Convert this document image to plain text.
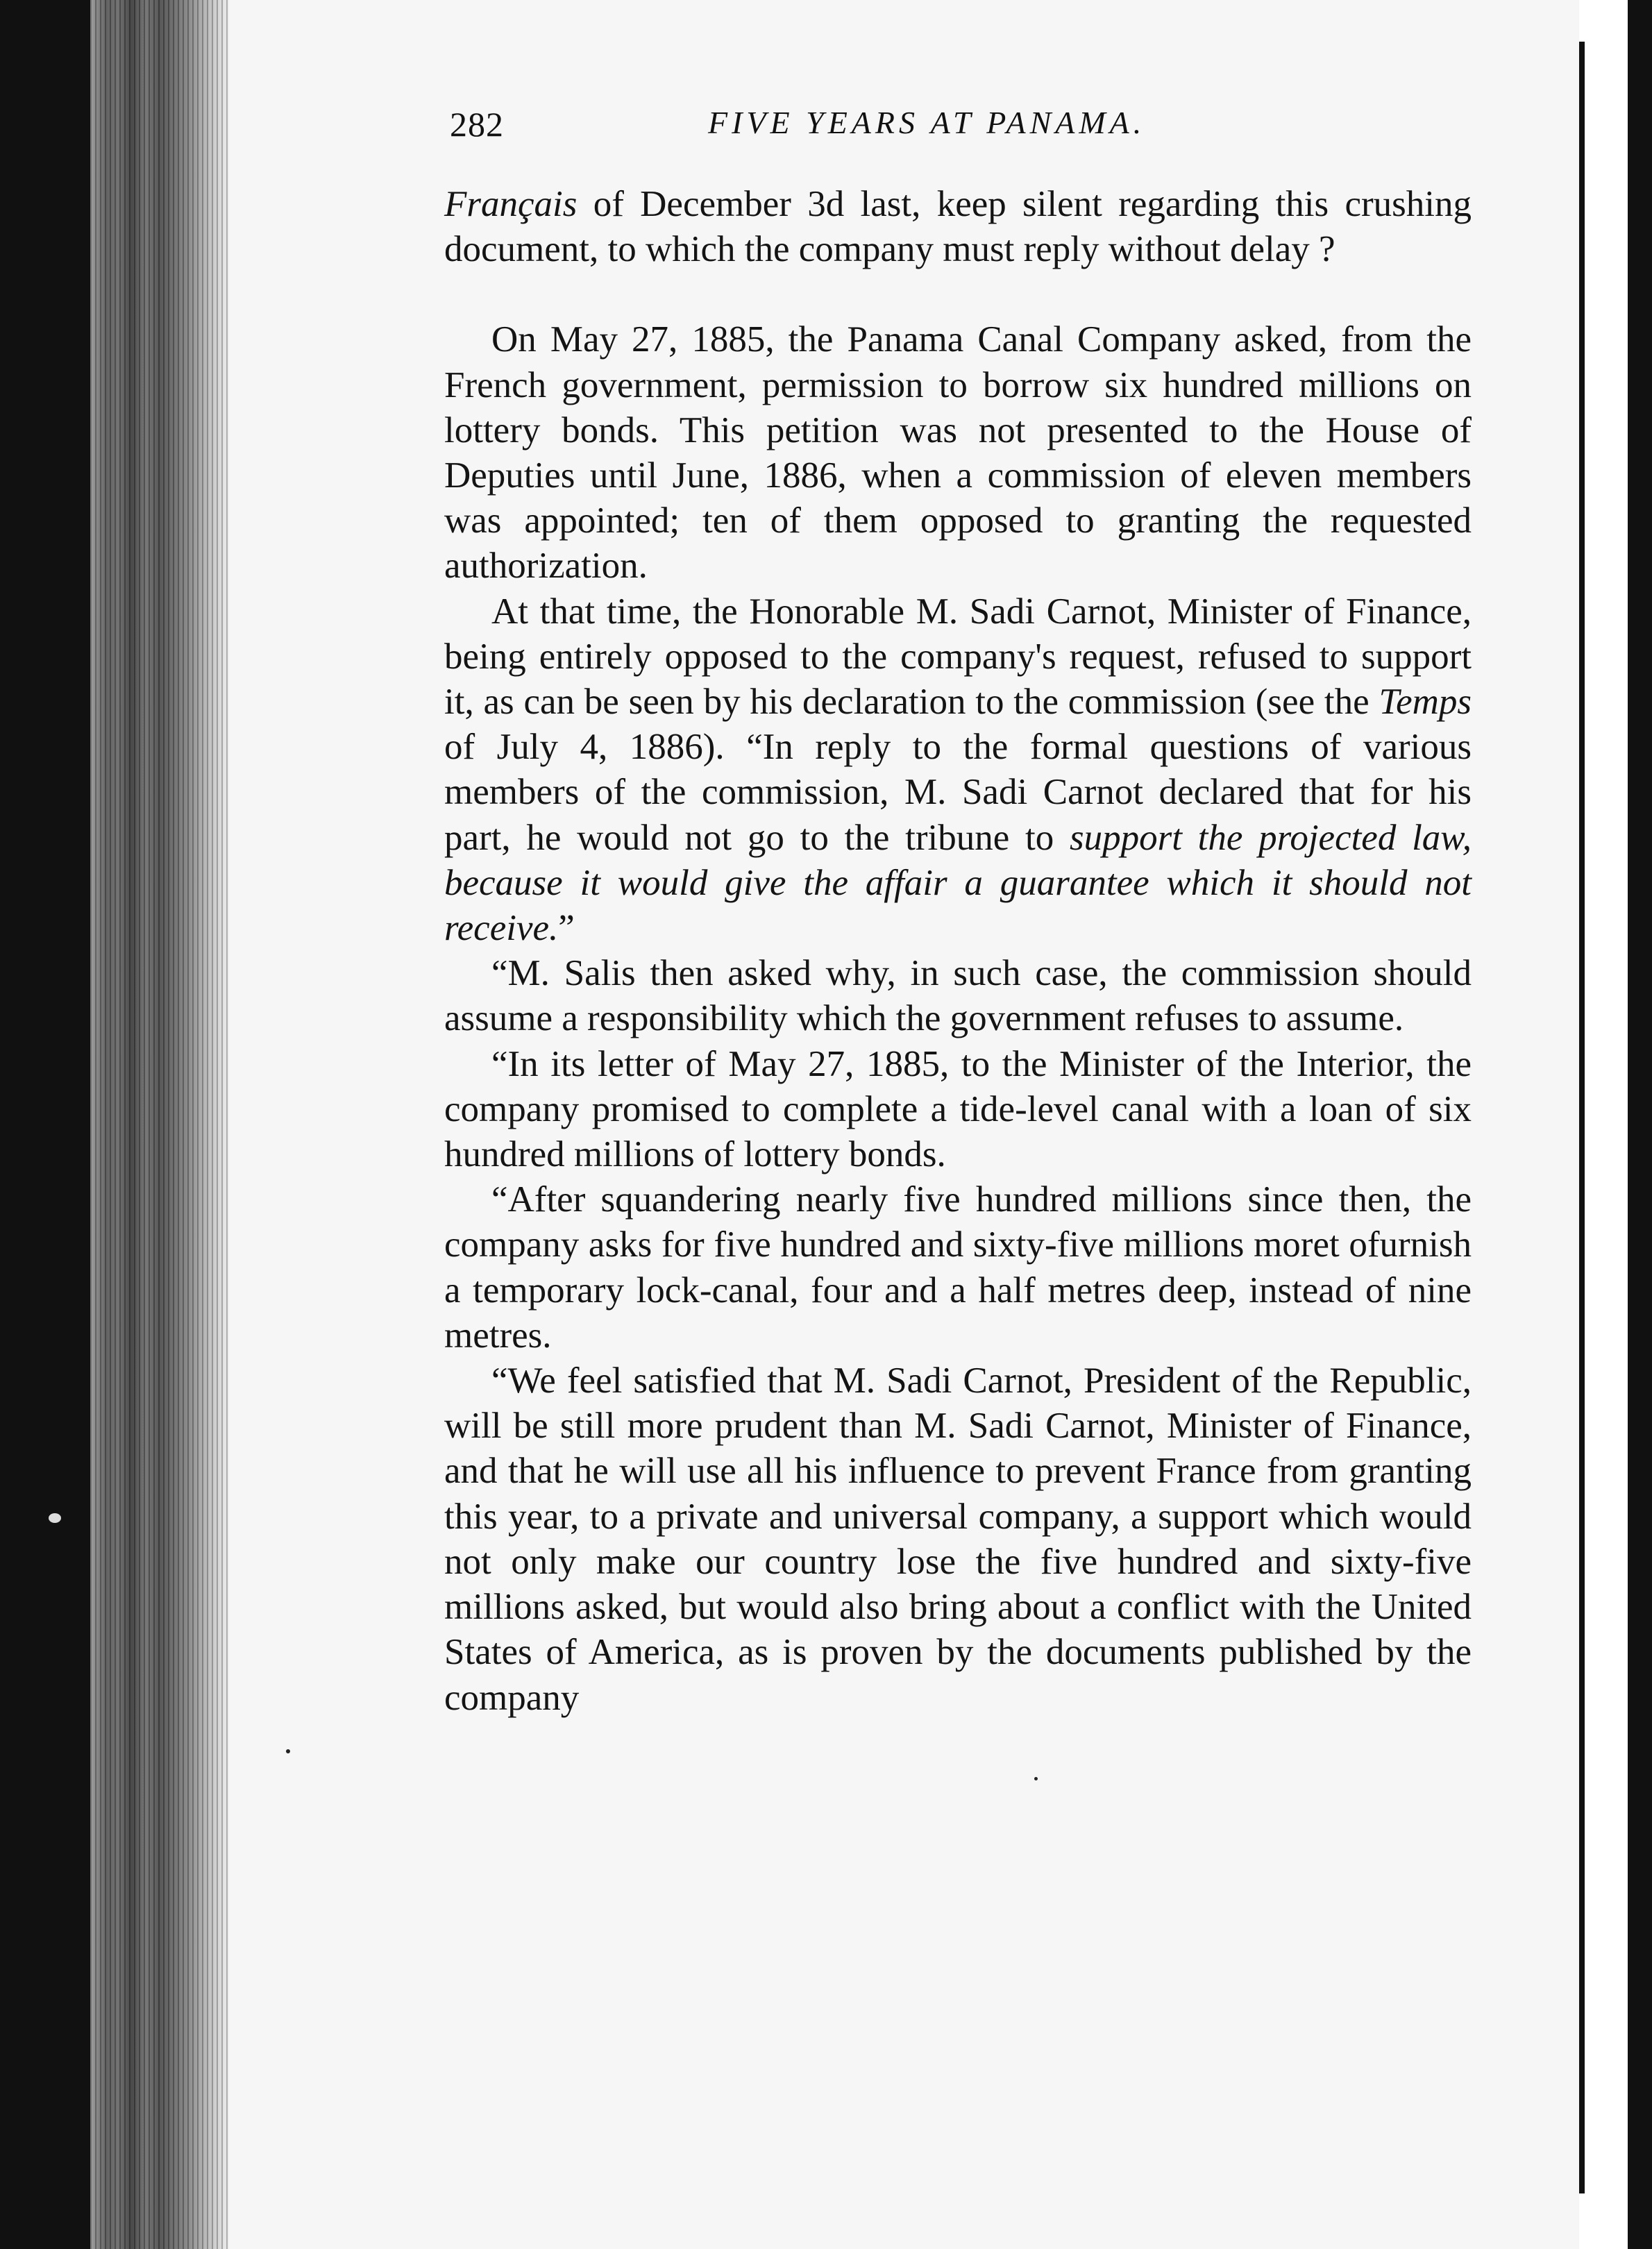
282	FIVE YEARS AT PANAMA.

Français of December 3d last, keep silent regarding this crushing document, to which the company must reply without delay ?

On May 27, 1885, the Panama Canal Company asked, from the French government, permission to borrow six hundred millions on lottery bonds. This petition was not presented to the House of Deputies until June, 1886, when a commission of eleven members was appointed; ten of them opposed to granting the requested authorization.

At that time, the Honorable M. Sadi Carnot, Minister of Finance, being entirely opposed to the company's request, refused to support it, as can be seen by his declaration to the commission (see the Temps of July 4, 1886). “In reply to the formal questions of various members of the commission, M. Sadi Carnot declared that for his part, he would not go to the tribune to support the projected law, because it would give the affair a guarantee which it should not receive.”

“M. Salis then asked why, in such case, the commission should assume a responsibility which the government refuses to assume.

“In its letter of May 27, 1885, to the Minister of the Interior, the company promised to complete a tide-level canal with a loan of six hundred millions of lottery bonds.

“After squandering nearly five hundred millions since then, the company asks for five hundred and sixty-five millions moret ofurnish a temporary lock-canal, four and a half metres deep, instead of nine metres.

“We feel satisfied that M. Sadi Carnot, President of the Republic, will be still more prudent than M. Sadi Carnot, Minister of Finance, and that he will use all his influence to prevent France from granting this year, to a private and universal company, a support which would not only make our country lose the five hundred and sixty-five millions asked, but would also bring about a conflict with the United States of America, as is proven by the documents published by the company
